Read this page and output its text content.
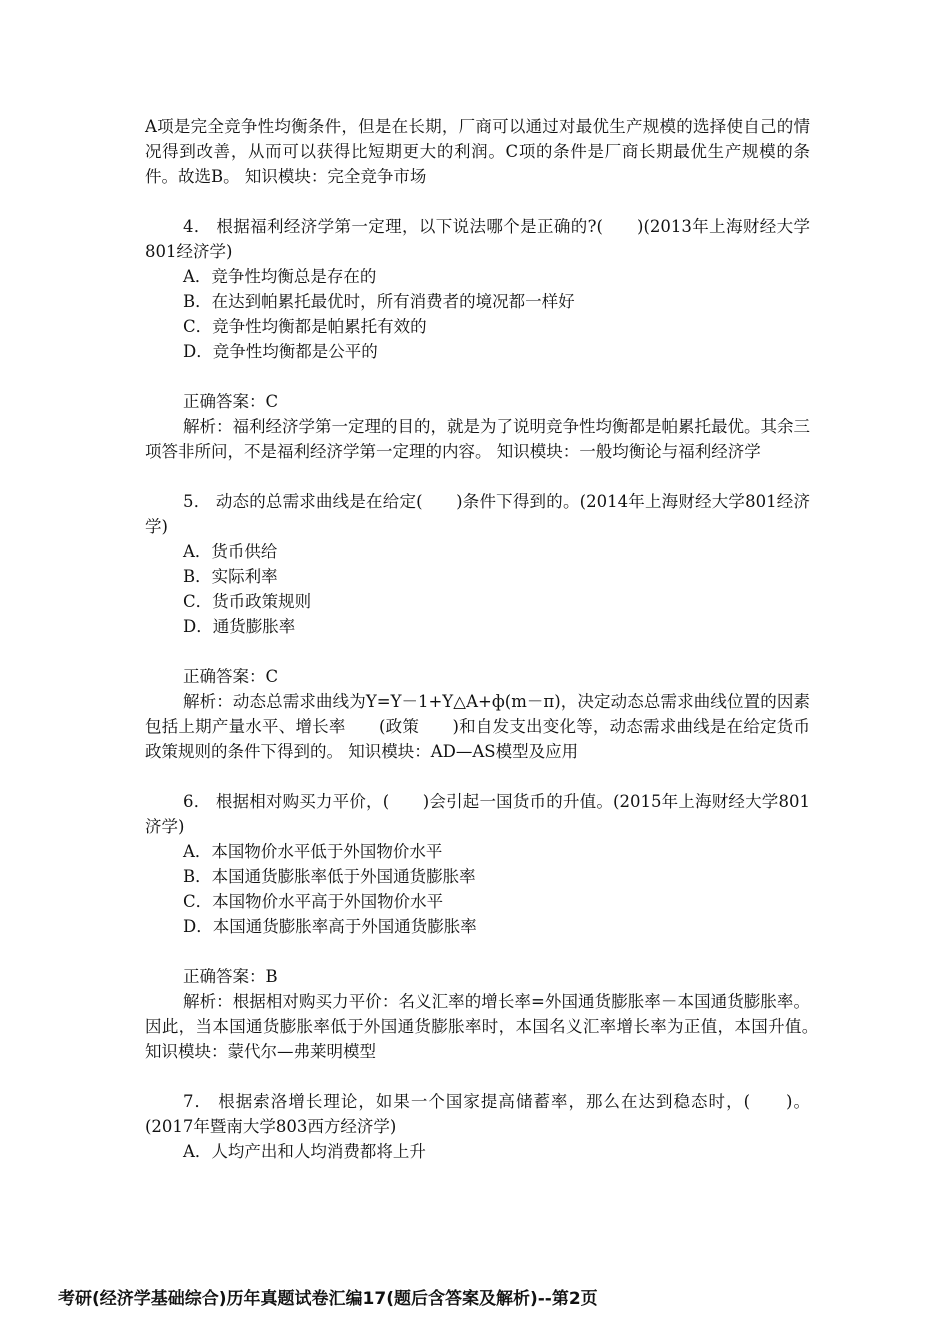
A项是完全竞争性均衡条件，但是在长期，厂商可以通过对最优生产规模的选择使自己的情况得到改善，从而可以获得比短期更大的利润。C项的条件是厂商长期最优生产规模的条件。故选B。 知识模块：完全竞争市场

4． 根据福利经济学第一定理，以下说法哪个是正确的?(　　)(2013年上海财经大学801经济学)

A．竞争性均衡总是存在的

B．在达到帕累托最优时，所有消费者的境况都一样好

C．竞争性均衡都是帕累托有效的

D．竞争性均衡都是公平的

正确答案：C

解析：福利经济学第一定理的目的，就是为了说明竞争性均衡都是帕累托最优。其余三项答非所问，不是福利经济学第一定理的内容。 知识模块：一般均衡论与福利经济学

5． 动态的总需求曲线是在给定(　　)条件下得到的。(2014年上海财经大学801经济学)

A．货币供给

B．实际利率

C．货币政策规则

D．通货膨胀率

正确答案：C

解析：动态总需求曲线为Y=Y－1+Y△A+ф(m－π)，决定动态总需求曲线位置的因素包括上期产量水平、增长率　　(政策　　)和自发支出变化等，动态需求曲线是在给定货币政策规则的条件下得到的。 知识模块：AD—AS模型及应用

6． 根据相对购买力平价，(　　)会引起一国货币的升值。(2015年上海财经大学801济学)

A．本国物价水平低于外国物价水平

B．本国通货膨胀率低于外国通货膨胀率

C．本国物价水平高于外国物价水平

D．本国通货膨胀率高于外国通货膨胀率

正确答案：B

解析：根据相对购买力平价：名义汇率的增长率=外国通货膨胀率－本国通货膨胀率。因此，当本国通货膨胀率低于外国通货膨胀率时，本国名义汇率增长率为正值，本国升值。　　　知识模块：蒙代尔—弗莱明模型

7． 根据索洛增长理论，如果一个国家提高储蓄率，那么在达到稳态时，(　　)。(2017年暨南大学803西方经济学)

A．人均产出和人均消费都将上升

考研(经济学基础综合)历年真题试卷汇编17(题后含答案及解析)--第2页
